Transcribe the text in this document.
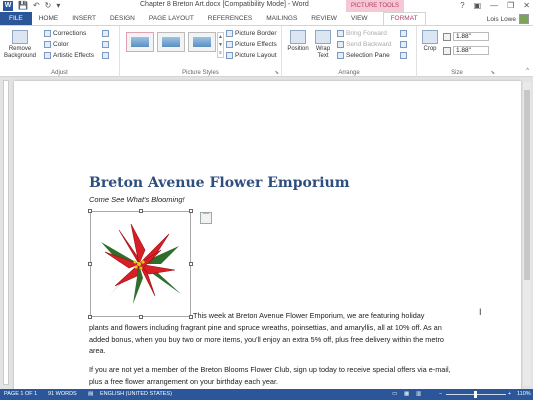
W 💾 ↶ ↻ ▾	Chapter 8 Breton Art.docx [Compatibility Mode] - Word	PICTURE TOOLS	? ▣ — ❐ ✕
FILE	HOME	INSERT	DESIGN	PAGE LAYOUT	REFERENCES	MAILINGS	REVIEW	VIEW	FORMAT	Lois Lowe
Remove Background
Corrections
Color
Artistic Effects
Adjust
▲
▼
≡
Picture Border
Picture Effects
Picture Layout
Picture Styles	⬊
Position	Wrap Text
Bring Forward
Send Backward
Selection Pane
Arrange
Crop
1.88"
1.88"
Size	⬊	^
Breton Avenue Flower Emporium
Come See What's Blooming!
⌒
This week at Breton Avenue Flower Emporium, we are featuring holiday
plants and flowers including fragrant pine and spruce wreaths, poinsettias, and amaryllis, all at 10% off. As an added bonus, when you buy two or more items, you'll enjoy an extra 5% off, plus free delivery within the metro area.
If you are not yet a member of the Breton Blooms Flower Club, sign up today to receive special offers via e-mail, plus a free flower arrangement on your birthday each year.
I
PAGE 1 OF 1 91 WORDS ▤ ENGLISH (UNITED STATES)	▭ ▦ ▥	−	+ 110%
